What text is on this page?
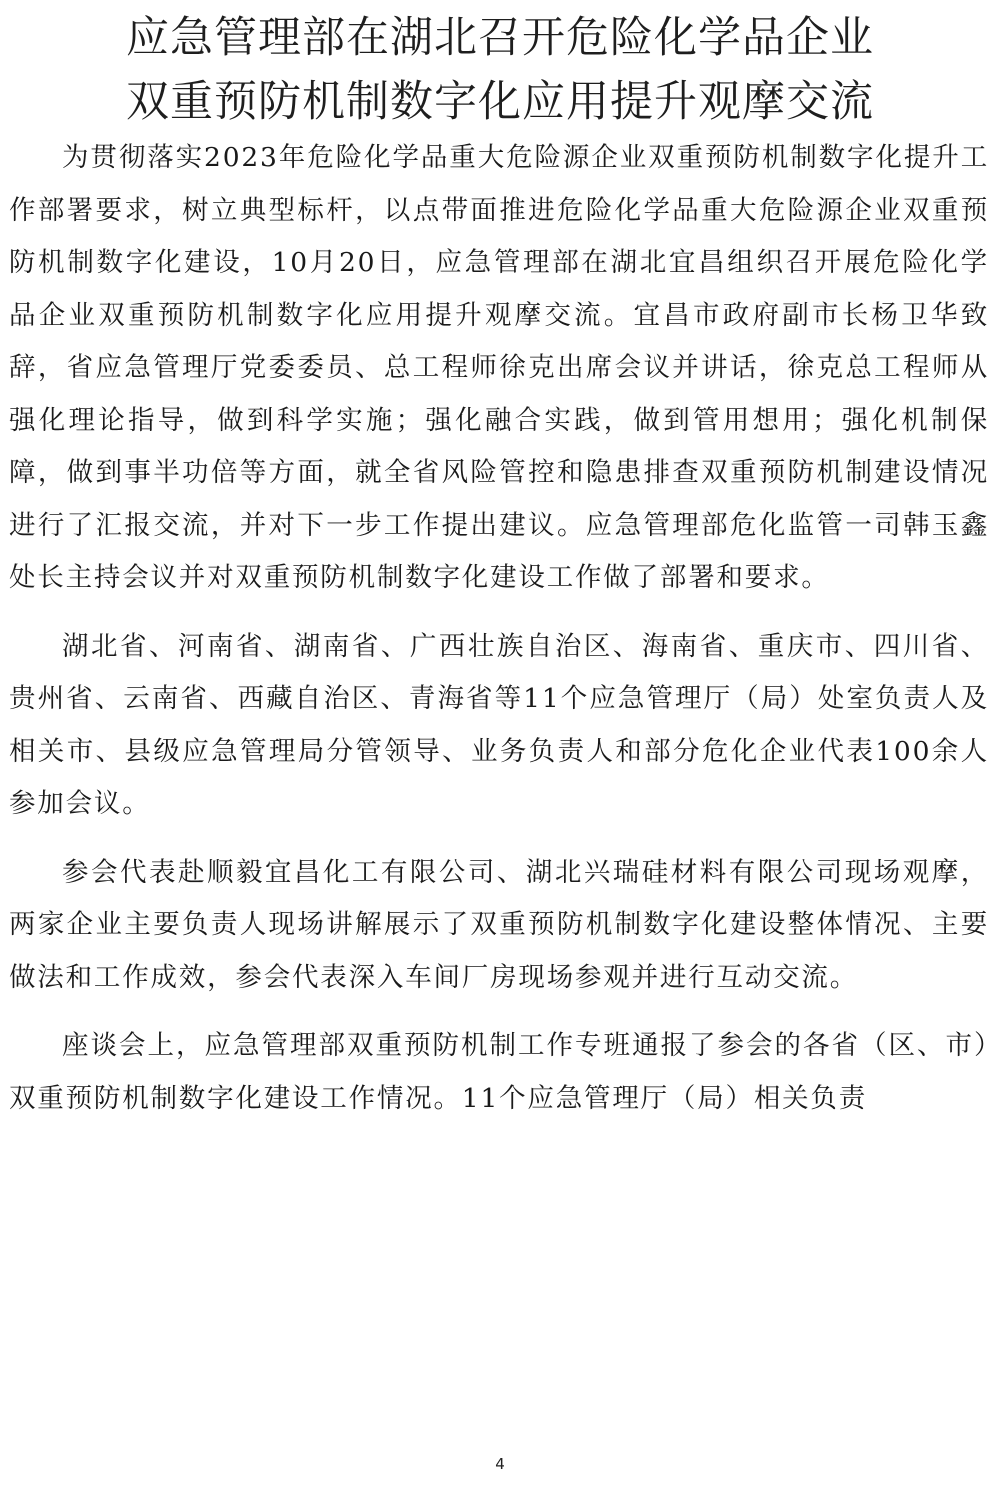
应急管理部在湖北召开危险化学品企业
双重预防机制数字化应用提升观摩交流

为贯彻落实2023年危险化学品重大危险源企业双重预防机制数字化提升工作部署要求，树立典型标杆，以点带面推进危险化学品重大危险源企业双重预防机制数字化建设，10月20日，应急管理部在湖北宜昌组织召开展危险化学品企业双重预防机制数字化应用提升观摩交流。宜昌市政府副市长杨卫华致辞，省应急管理厅党委委员、总工程师徐克出席会议并讲话，徐克总工程师从强化理论指导，做到科学实施；强化融合实践，做到管用想用；强化机制保障，做到事半功倍等方面，就全省风险管控和隐患排查双重预防机制建设情况进行了汇报交流，并对下一步工作提出建议。应急管理部危化监管一司韩玉鑫处长主持会议并对双重预防机制数字化建设工作做了部署和要求。

湖北省、河南省、湖南省、广西壮族自治区、海南省、重庆市、四川省、贵州省、云南省、西藏自治区、青海省等11个应急管理厅（局）处室负责人及相关市、县级应急管理局分管领导、业务负责人和部分危化企业代表100余人参加会议。

参会代表赴顺毅宜昌化工有限公司、湖北兴瑞硅材料有限公司现场观摩，两家企业主要负责人现场讲解展示了双重预防机制数字化建设整体情况、主要做法和工作成效，参会代表深入车间厂房现场参观并进行互动交流。

座谈会上，应急管理部双重预防机制工作专班通报了参会的各省（区、市）双重预防机制数字化建设工作情况。11个应急管理厅（局）相关负责

4
